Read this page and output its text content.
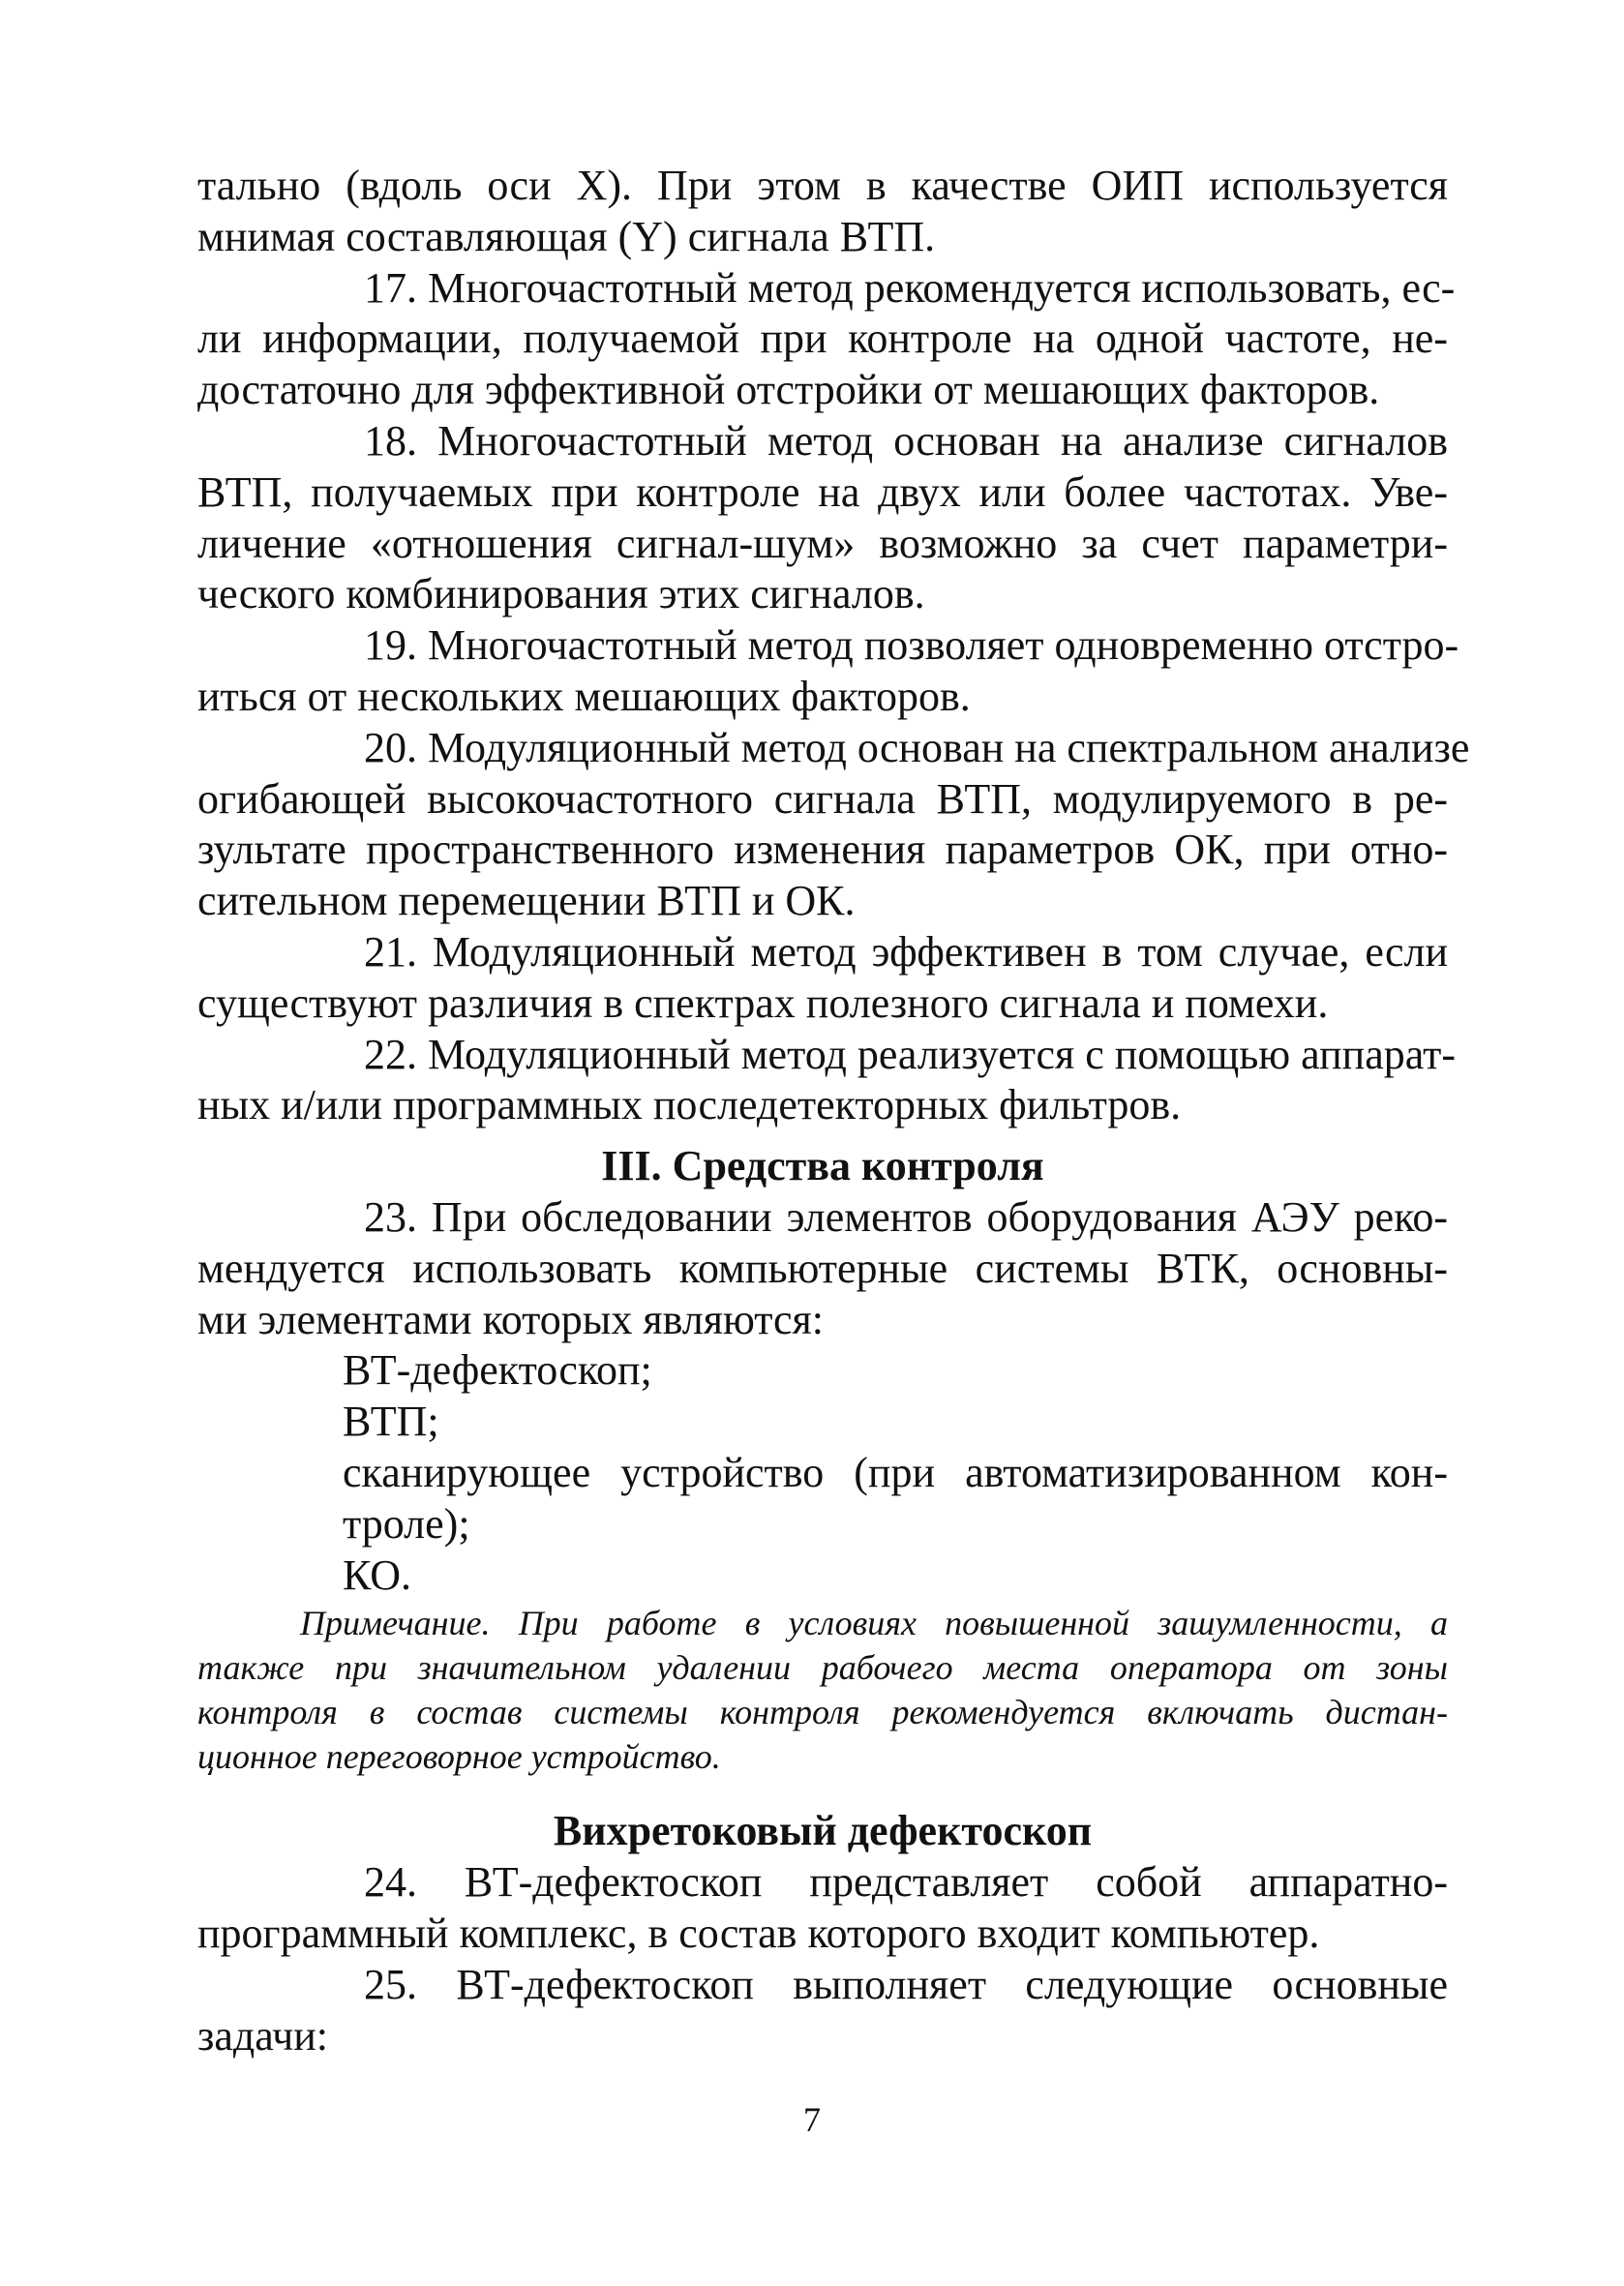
тально (вдоль оси X). При этом в качестве ОИП используется
мнимая составляющая (Y) сигнала ВТП.
17. Многочастотный метод рекомендуется использовать, ес-
ли информации, получаемой при контроле на одной частоте, не-
достаточно для эффективной отстройки от мешающих факторов.
18. Многочастотный метод основан на анализе сигналов
ВТП, получаемых при контроле на двух или более частотах. Уве-
личение «отношения сигнал-шум» возможно за счет параметри-
ческого комбинирования этих сигналов.
19. Многочастотный метод позволяет одновременно отстро-
иться от нескольких мешающих факторов.
20. Модуляционный метод основан на спектральном анализе
огибающей высокочастотного сигнала ВТП, модулируемого в ре-
зультате пространственного изменения параметров ОК, при отно-
сительном перемещении ВТП и ОК.
21. Модуляционный метод эффективен в том случае, если
существуют различия в спектрах полезного сигнала и помехи.
22. Модуляционный метод реализуется с помощью аппарат-
ных и/или программных последетекторных фильтров.
III. Средства контроля
23. При обследовании элементов оборудования АЭУ реко-
мендуется использовать компьютерные системы ВТК, основны-
ми элементами которых являются:
ВТ-дефектоскоп;
ВТП;
сканирующее устройство (при автоматизированном кон-
троле);
КО.
Примечание. При работе в условиях повышенной зашумленности, а
также при значительном удалении рабочего места оператора от зоны
контроля в состав системы контроля рекомендуется включать дистан-
ционное переговорное устройство.
Вихретоковый дефектоскоп
24. ВТ-дефектоскоп представляет собой аппаратно-
программный комплекс, в состав которого входит компьютер.
25. ВТ-дефектоскоп выполняет следующие основные
задачи:
7
